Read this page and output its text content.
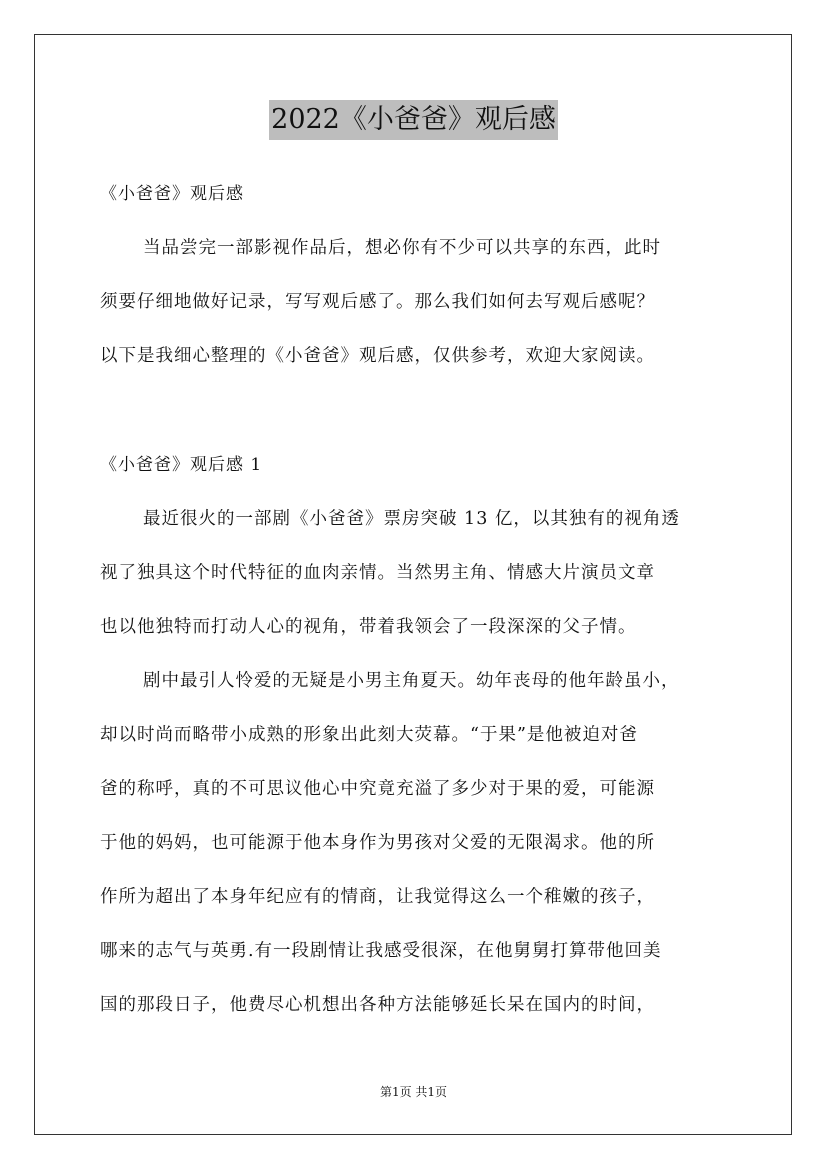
2022《小爸爸》观后感
《小爸爸》观后感
当品尝完一部影视作品后，想必你有不少可以共享的东西，此时
须要仔细地做好记录，写写观后感了。那么我们如何去写观后感呢？
以下是我细心整理的《小爸爸》观后感，仅供参考，欢迎大家阅读。
《小爸爸》观后感 1
最近很火的一部剧《小爸爸》票房突破 13 亿，以其独有的视角透
视了独具这个时代特征的血肉亲情。当然男主角、情感大片演员文章
也以他独特而打动人心的视角，带着我领会了一段深深的父子情。
剧中最引人怜爱的无疑是小男主角夏天。幼年丧母的他年龄虽小，
却以时尚而略带小成熟的形象出此刻大荧幕。“于果”是他被迫对爸
爸的称呼，真的不可思议他心中究竟充溢了多少对于果的爱，可能源
于他的妈妈，也可能源于他本身作为男孩对父爱的无限渴求。他的所
作所为超出了本身年纪应有的情商，让我觉得这么一个稚嫩的孩子，
哪来的志气与英勇.有一段剧情让我感受很深，在他舅舅打算带他回美
国的那段日子，他费尽心机想出各种方法能够延长呆在国内的时间，
第1页 共1页
